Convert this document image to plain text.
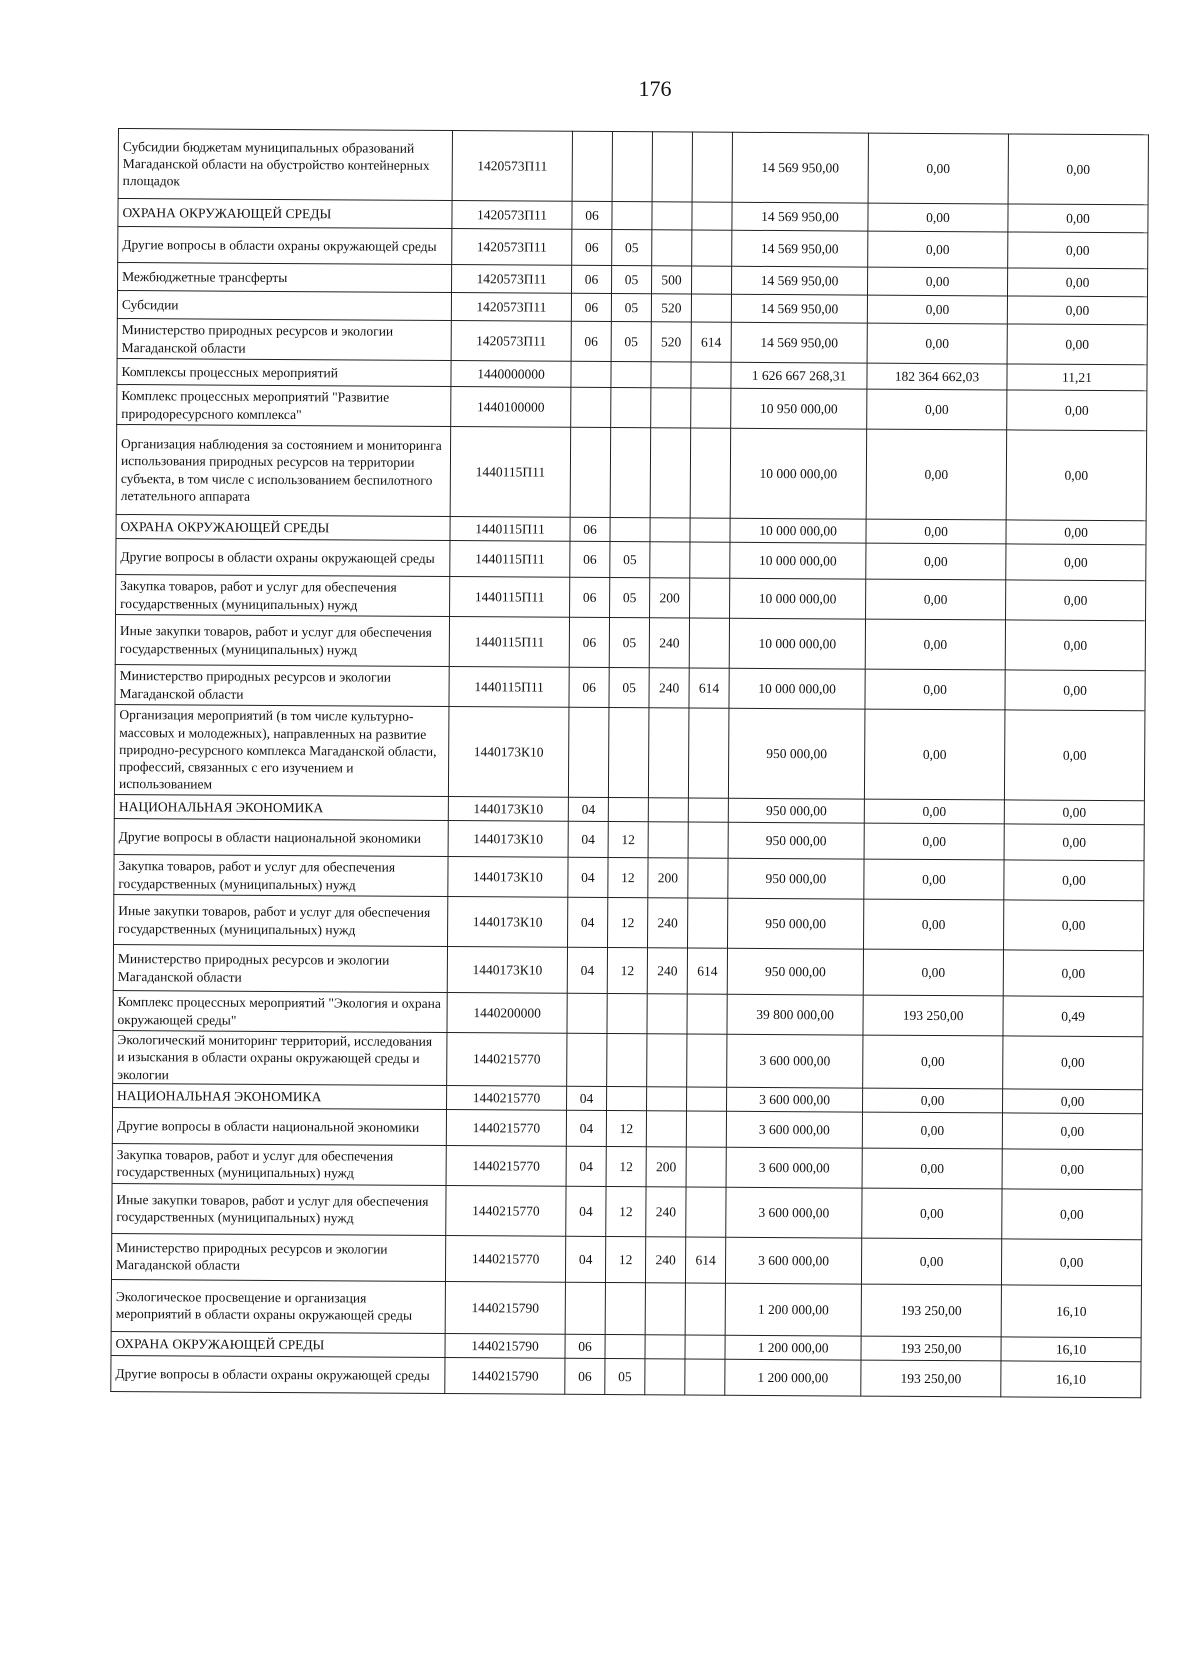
176
Субсидии бюджетам муниципальных образований Магаданской области на обустройство контейнерных площадок	1420573П11					14 569 950,00	0,00	0,00
ОХРАНА ОКРУЖАЮЩЕЙ СРЕДЫ	1420573П11	06				14 569 950,00	0,00	0,00
Другие вопросы в области охраны окружающей среды	1420573П11	06	05			14 569 950,00	0,00	0,00
Межбюджетные трансферты	1420573П11	06	05	500		14 569 950,00	0,00	0,00
Субсидии	1420573П11	06	05	520		14 569 950,00	0,00	0,00
Министерство природных ресурсов и экологии Магаданской области	1420573П11	06	05	520	614	14 569 950,00	0,00	0,00
Комплексы процессных мероприятий	1440000000					1 626 667 268,31	182 364 662,03	11,21
Комплекс процессных мероприятий "Развитие природоресурсного комплекса"	1440100000					10 950 000,00	0,00	0,00
Организация наблюдения за состоянием и мониторинга использования природных ресурсов на территории субъекта, в том числе с использованием беспилотного летательного аппарата	1440115П11					10 000 000,00	0,00	0,00
ОХРАНА ОКРУЖАЮЩЕЙ СРЕДЫ	1440115П11	06				10 000 000,00	0,00	0,00
Другие вопросы в области охраны окружающей среды	1440115П11	06	05			10 000 000,00	0,00	0,00
Закупка товаров, работ и услуг для обеспечения государственных (муниципальных) нужд	1440115П11	06	05	200		10 000 000,00	0,00	0,00
Иные закупки товаров, работ и услуг для обеспечения государственных (муниципальных) нужд	1440115П11	06	05	240		10 000 000,00	0,00	0,00
Министерство природных ресурсов и экологии Магаданской области	1440115П11	06	05	240	614	10 000 000,00	0,00	0,00
Организация мероприятий (в том числе культурно-массовых и молодежных), направленных на развитие природно-ресурсного комплекса Магаданской области, профессий, связанных с его изучением и использованием	1440173К10					950 000,00	0,00	0,00
НАЦИОНАЛЬНАЯ ЭКОНОМИКА	1440173К10	04				950 000,00	0,00	0,00
Другие вопросы в области национальной экономики	1440173К10	04	12			950 000,00	0,00	0,00
Закупка товаров, работ и услуг для обеспечения государственных (муниципальных) нужд	1440173К10	04	12	200		950 000,00	0,00	0,00
Иные закупки товаров, работ и услуг для обеспечения государственных (муниципальных) нужд	1440173К10	04	12	240		950 000,00	0,00	0,00
Министерство природных ресурсов и экологии Магаданской области	1440173К10	04	12	240	614	950 000,00	0,00	0,00
Комплекс процессных мероприятий "Экология и охрана окружающей среды"	1440200000					39 800 000,00	193 250,00	0,49
Экологический мониторинг территорий, исследования и изыскания в области охраны окружающей среды и экологии	1440215770					3 600 000,00	0,00	0,00
НАЦИОНАЛЬНАЯ ЭКОНОМИКА	1440215770	04				3 600 000,00	0,00	0,00
Другие вопросы в области национальной экономики	1440215770	04	12			3 600 000,00	0,00	0,00
Закупка товаров, работ и услуг для обеспечения государственных (муниципальных) нужд	1440215770	04	12	200		3 600 000,00	0,00	0,00
Иные закупки товаров, работ и услуг для обеспечения государственных (муниципальных) нужд	1440215770	04	12	240		3 600 000,00	0,00	0,00
Министерство природных ресурсов и экологии Магаданской области	1440215770	04	12	240	614	3 600 000,00	0,00	0,00
Экологическое просвещение и организация мероприятий в области охраны окружающей среды	1440215790					1 200 000,00	193 250,00	16,10
ОХРАНА ОКРУЖАЮЩЕЙ СРЕДЫ	1440215790	06				1 200 000,00	193 250,00	16,10
Другие вопросы в области охраны окружающей среды	1440215790	06	05			1 200 000,00	193 250,00	16,10
